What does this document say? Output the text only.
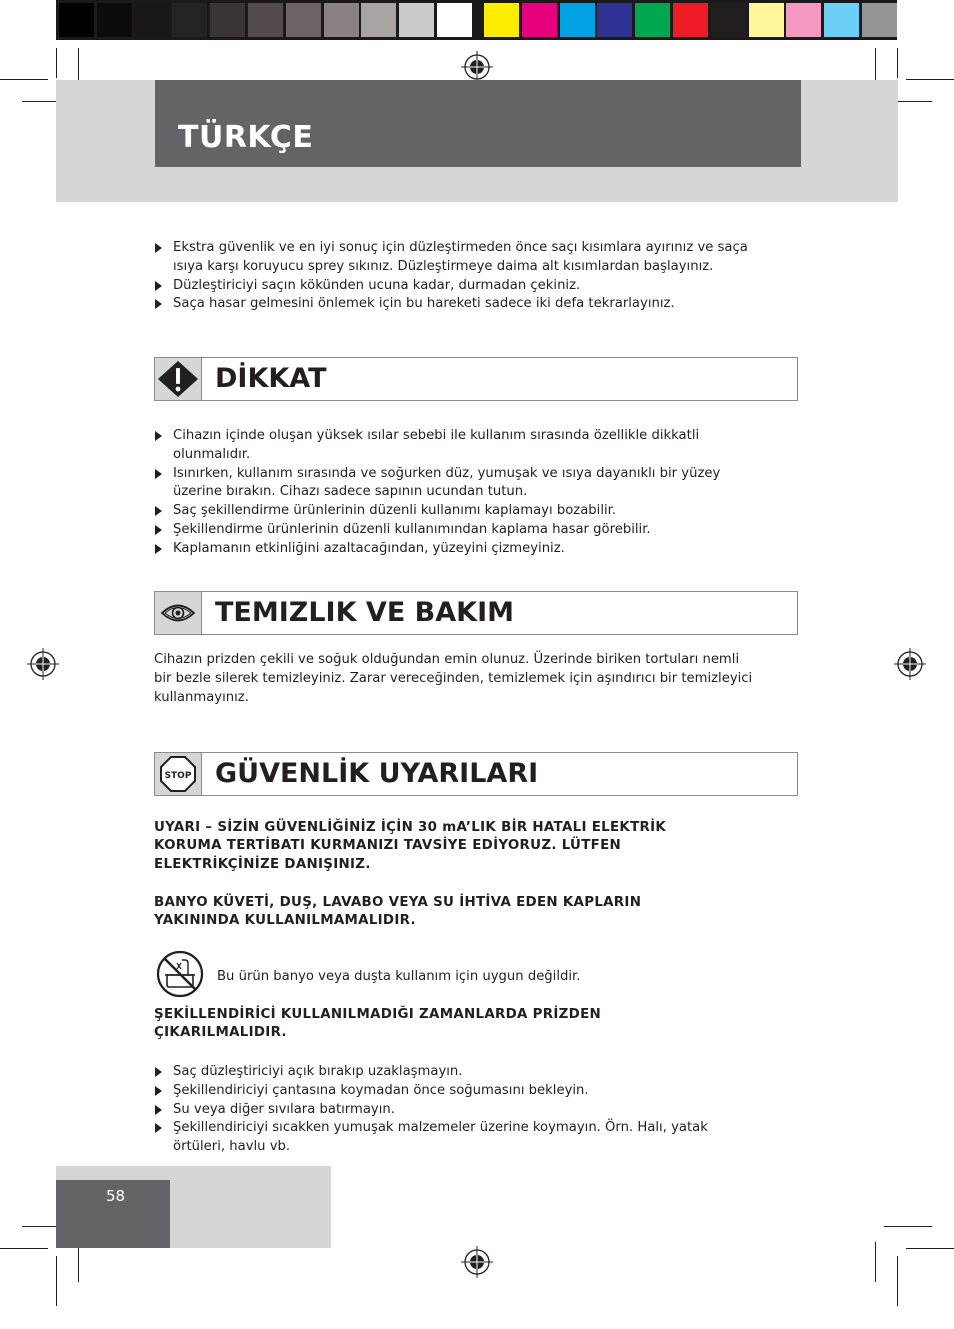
TÜRKÇE
Ekstra güvenlik ve en iyi sonuç için düzleştirmeden önce saçı kısımlara ayırınız ve saça
ısıya karşı koruyucu sprey sıkınız. Düzleştirmeye daima alt kısımlardan başlayınız.
Düzleştiriciyi saçın kökünden ucuna kadar, durmadan çekiniz.
Saça hasar gelmesini önlemek için bu hareketi sadece iki defa tekrarlayınız.
DİKKAT
Cihazın içinde oluşan yüksek ısılar sebebi ile kullanım sırasında özellikle dikkatli
olunmalıdır.
Isınırken, kullanım sırasında ve soğurken düz, yumuşak ve ısıya dayanıklı bir yüzey
üzerine bırakın. Cihazı sadece sapının ucundan tutun.
Saç şekillendirme ürünlerinin düzenli kullanımı kaplamayı bozabilir.
Şekillendirme ürünlerinin düzenli kullanımından kaplama hasar görebilir.
Kaplamanın etkinliğini azaltacağından, yüzeyini çizmeyiniz.
TEMIZLIK VE BAKIM
Cihazın prizden çekili ve soğuk olduğundan emin olunuz. Üzerinde biriken tortuları nemli
bir bezle silerek temizleyiniz. Zarar vereceğinden, temizlemek için aşındırıcı bir temizleyici
kullanmayınız.
STOP GÜVENLİK UYARILARI
UYARI – SİZİN GÜVENLİĞİNİZ İÇİN 30 mA’LIK BİR HATALI ELEKTRİK
KORUMA TERTİBATI KURMANIZI TAVSİYE EDİYORUZ. LÜTFEN
ELEKTRİKÇİNİZE DANIŞINIZ.
BANYO KÜVETİ, DUŞ, LAVABO VEYA SU İHTİVA EDEN KAPLARIN
YAKININDA KULLANILMAMALIDIR.
Bu ürün banyo veya duşta kullanım için uygun değildir.
ŞEKİLLENDİRİCİ KULLANILMADIĞI ZAMANLARDA PRİZDEN
ÇIKARILMALIDIR.
Saç düzleştiriciyi açık bırakıp uzaklaşmayın.
Şekillendiriciyi çantasına koymadan önce soğumasını bekleyin.
Su veya diğer sıvılara batırmayın.
Şekillendiriciyi sıcakken yumuşak malzemeler üzerine koymayın. Örn. Halı, yatak
örtüleri, havlu vb.
58
